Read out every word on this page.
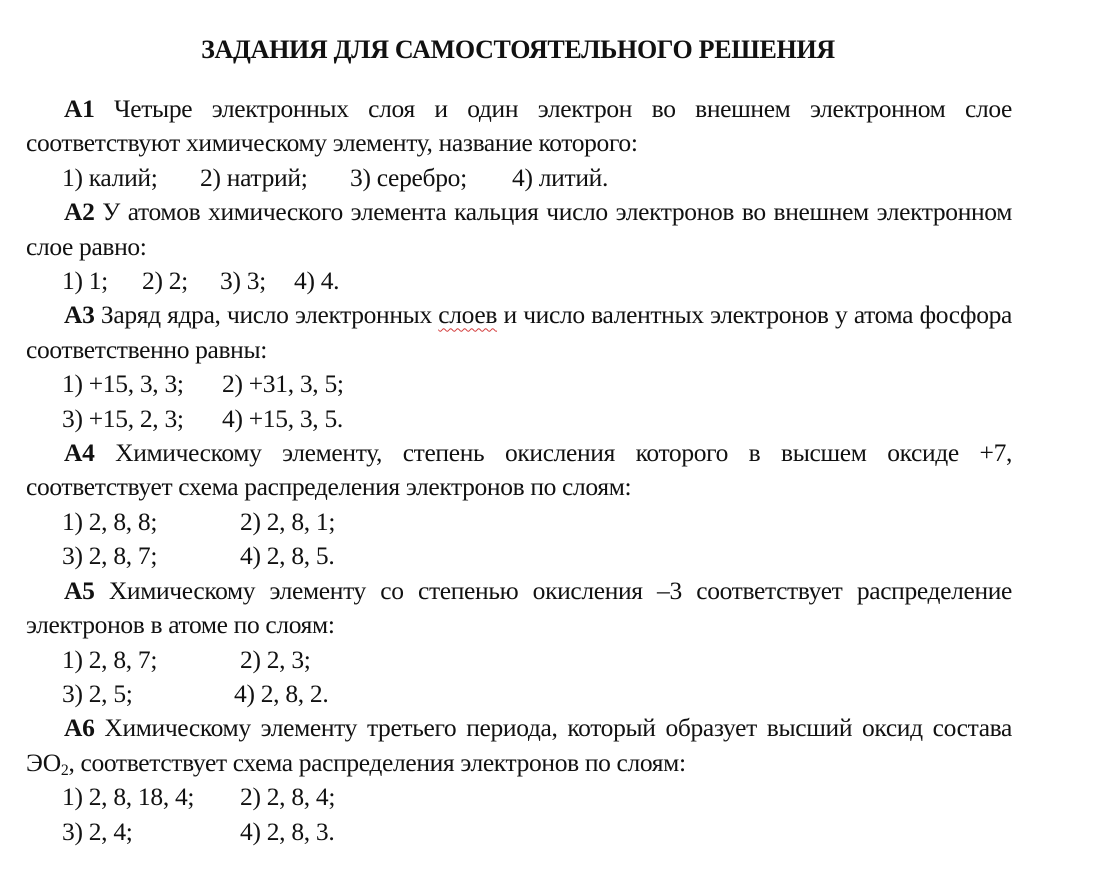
ЗАДАНИЯ ДЛЯ САМОСТОЯТЕЛЬНОГО РЕШЕНИЯ

А1 Четыре электронных слоя и один электрон во внешнем электронном слое соответствуют химическому элементу, название которого:

1) калий; 2) натрий; 3) серебро; 4) литий.

А2 У атомов химического элемента кальция число электронов во внешнем электронном слое равно:

1) 1; 2) 2; 3) 3; 4) 4.

А3 Заряд ядра, число электронных слоев и число валентных электронов у атома фосфора соответственно равны:

1) +15, 3, 3; 2) +31, 3, 5;

3) +15, 2, 3; 4) +15, 3, 5.

А4 Химическому элементу, степень окисления которого в высшем оксиде +7, соответствует схема распределения электронов по слоям:

1) 2, 8, 8;	2) 2, 8, 1;

3) 2, 8, 7;	4) 2, 8, 5.

А5 Химическому элементу со степенью окисления –3 соответствует распределение электронов в атоме по слоям:

1) 2, 8, 7;	2) 2, 3;

3) 2, 5;	4) 2, 8, 2.

А6 Химическому элементу третьего периода, который образует высший оксид состава $ЭО_2$, соответствует схема распределения электронов по слоям:

1) 2, 8, 18, 4; 2) 2, 8, 4;

3) 2, 4;	4) 2, 8, 3.
